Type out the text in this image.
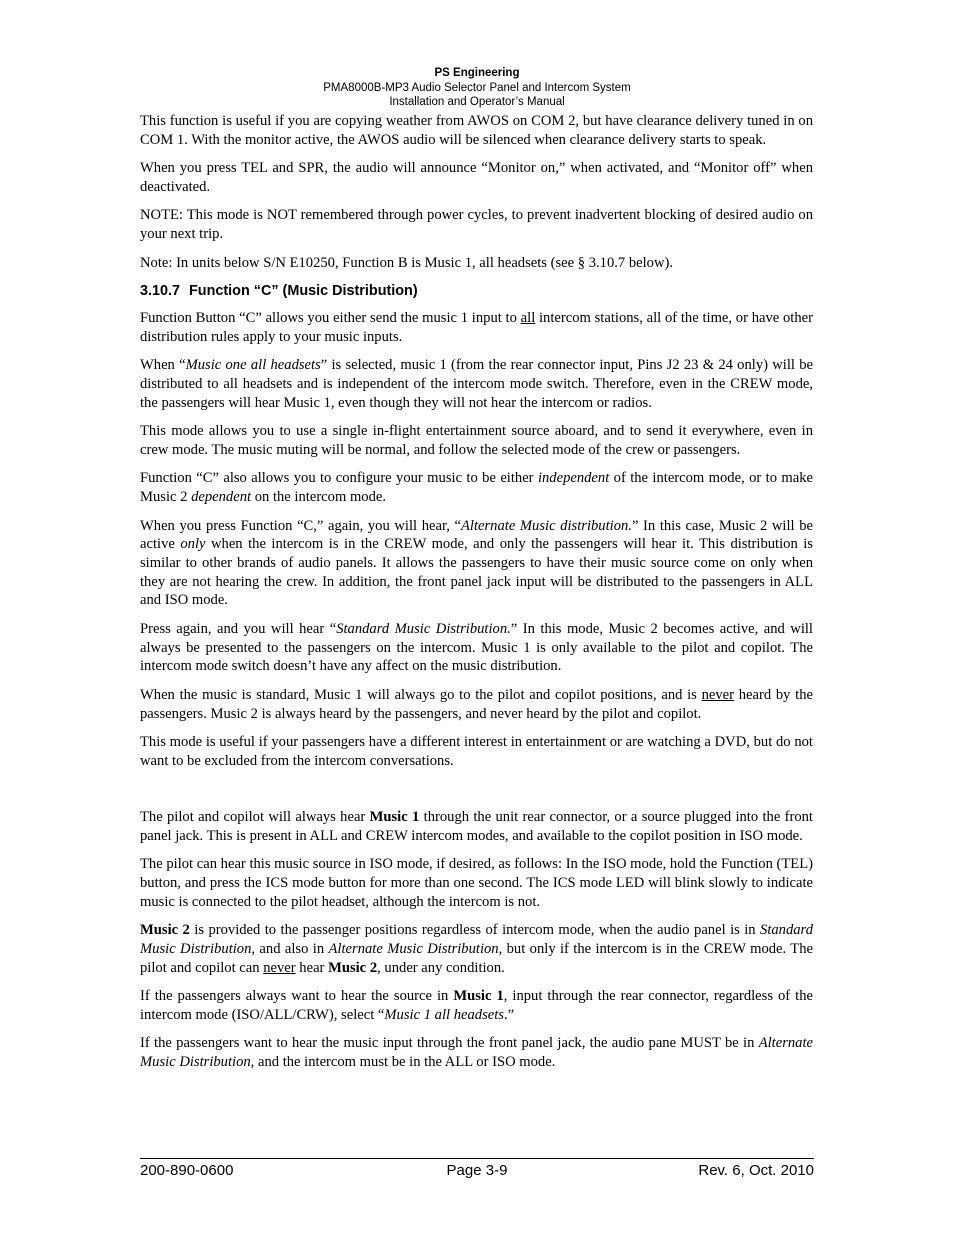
PS Engineering
PMA8000B-MP3 Audio Selector Panel and Intercom System
Installation and Operator’s Manual

This function is useful if you are copying weather from AWOS on COM 2, but have clearance delivery tuned in on COM 1. With the monitor active, the AWOS audio will be silenced when clearance delivery starts to speak.

When you press TEL and SPR, the audio will announce “Monitor on,” when activated, and “Monitor off” when deactivated.

NOTE: This mode is NOT remembered through power cycles, to prevent inadvertent blocking of desired audio on your next trip.

Note: In units below S/N E10250, Function B is Music 1, all headsets (see § 3.10.7 below).

3.10.7 Function “C” (Music Distribution)

Function Button “C” allows you either send the music 1 input to all intercom stations, all of the time, or have other distribution rules apply to your music inputs.

When “Music one all headsets” is selected, music 1 (from the rear connector input, Pins J2 23 & 24 only) will be distributed to all headsets and is independent of the intercom mode switch. Therefore, even in the CREW mode, the passengers will hear Music 1, even though they will not hear the intercom or radios.

This mode allows you to use a single in-flight entertainment source aboard, and to send it everywhere, even in crew mode. The music muting will be normal, and follow the selected mode of the crew or passengers.

Function “C” also allows you to configure your music to be either independent of the intercom mode, or to make Music 2 dependent on the intercom mode.

When you press Function “C,” again, you will hear, “Alternate Music distribution.” In this case, Music 2 will be active only when the intercom is in the CREW mode, and only the passengers will hear it. This distribution is similar to other brands of audio panels. It allows the passengers to have their music source come on only when they are not hearing the crew. In addition, the front panel jack input will be distributed to the passengers in ALL and ISO mode.

Press again, and you will hear “Standard Music Distribution.” In this mode, Music 2 becomes active, and will always be presented to the passengers on the intercom. Music 1 is only available to the pilot and copilot. The intercom mode switch doesn’t have any affect on the music distribution.

When the music is standard, Music 1 will always go to the pilot and copilot positions, and is never heard by the passengers. Music 2 is always heard by the passengers, and never heard by the pilot and copilot.

This mode is useful if your passengers have a different interest in entertainment or are watching a DVD, but do not want to be excluded from the intercom conversations.

The pilot and copilot will always hear Music 1 through the unit rear connector, or a source plugged into the front panel jack. This is present in ALL and CREW intercom modes, and available to the copilot position in ISO mode.

The pilot can hear this music source in ISO mode, if desired, as follows: In the ISO mode, hold the Function (TEL) button, and press the ICS mode button for more than one second. The ICS mode LED will blink slowly to indicate music is connected to the pilot headset, although the intercom is not.

Music 2 is provided to the passenger positions regardless of intercom mode, when the audio panel is in Standard Music Distribution, and also in Alternate Music Distribution, but only if the intercom is in the CREW mode. The pilot and copilot can never hear Music 2, under any condition.

If the passengers always want to hear the source in Music 1, input through the rear connector, regardless of the intercom mode (ISO/ALL/CRW), select “Music 1 all headsets.”

If the passengers want to hear the music input through the front panel jack, the audio pane MUST be in Alternate Music Distribution, and the intercom must be in the ALL or ISO mode.

200-890-0600	Page 3-9	Rev. 6, Oct. 2010
